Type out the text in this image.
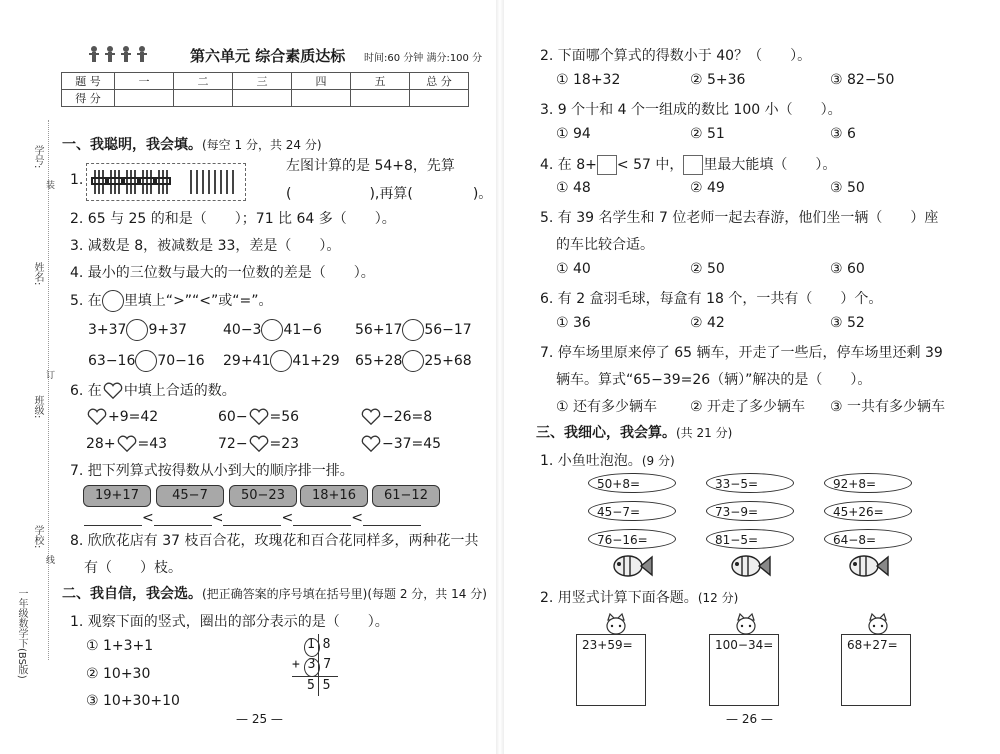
学号:
姓名:
班级:
学校:
装
订
线
一年级数学下(BS版)
第六单元 综合素质达标 时间:60 分钟 满分:100 分
题 号	一	二	三	四	五	总 分
得 分						
一、我聪明，我会填。(每空 1 分，共 24 分)
1.
左图计算的是 54+8，先算
(	),再算(	)。
2. 65 与 25 的和是（　　）；71 比 64 多（　　）。
3. 减数是 8，被减数是 33，差是（　　）。
4. 最小的三位数与最大的一位数的差是（　　）。
5. 在 里填上“>”“<”或“=”。
3+37 9+37	40−3 41−6 56+17 56−17
63−16 70−16 29+41 41+29 65+28 25+68
6. 在 中填上合适的数。
+9=42	60− =56	−26=8
28+ =43	72− =23	−37=45
7. 把下列算式按得数从小到大的顺序排一排。
19+17	45−7	50−23	18+16	61−12
<	<	<	<
8. 欣欣花店有 37 枝百合花，玫瑰花和百合花同样多，两种花一共
有（　　）枝。
二、我自信，我会选。(把正确答案的序号填在括号里)(每题 2 分，共 14 分)
1. 观察下面的竖式，圈出的部分表示的是（　　）。
① 1+3+1
② 10+30
③ 10+30+10
1 8
+ 3 7
5 5
— 25 —
2. 下面哪个算式的得数小于 40？（　　）。
① 18+32	② 5+36	③ 82−50
3. 9 个十和 4 个一组成的数比 100 小（　　）。
① 94	② 51	③ 6
4. 在 8+ < 57 中， 里最大能填（　　）。
① 48	② 49	③ 50
5. 有 39 名学生和 7 位老师一起去春游，他们坐一辆（　　）座
的车比较合适。
① 40	② 50	③ 60
6. 有 2 盒羽毛球，每盒有 18 个，一共有（　　）个。
① 36	② 42	③ 52
7. 停车场里原来停了 65 辆车，开走了一些后，停车场里还剩 39
辆车。算式“65−39=26（辆）”解决的是（　　）。
① 还有多少辆车 ② 开走了多少辆车 ③ 一共有多少辆车
三、我细心，我会算。(共 21 分)
1. 小鱼吐泡泡。(9 分)
50+8=
45−7=
76−16=
33−5=
73−9=
81−5=
92+8=
45+26=
64−8=
2. 用竖式计算下面各题。(12 分)
23+59=	100−34=	68+27=
— 26 —
